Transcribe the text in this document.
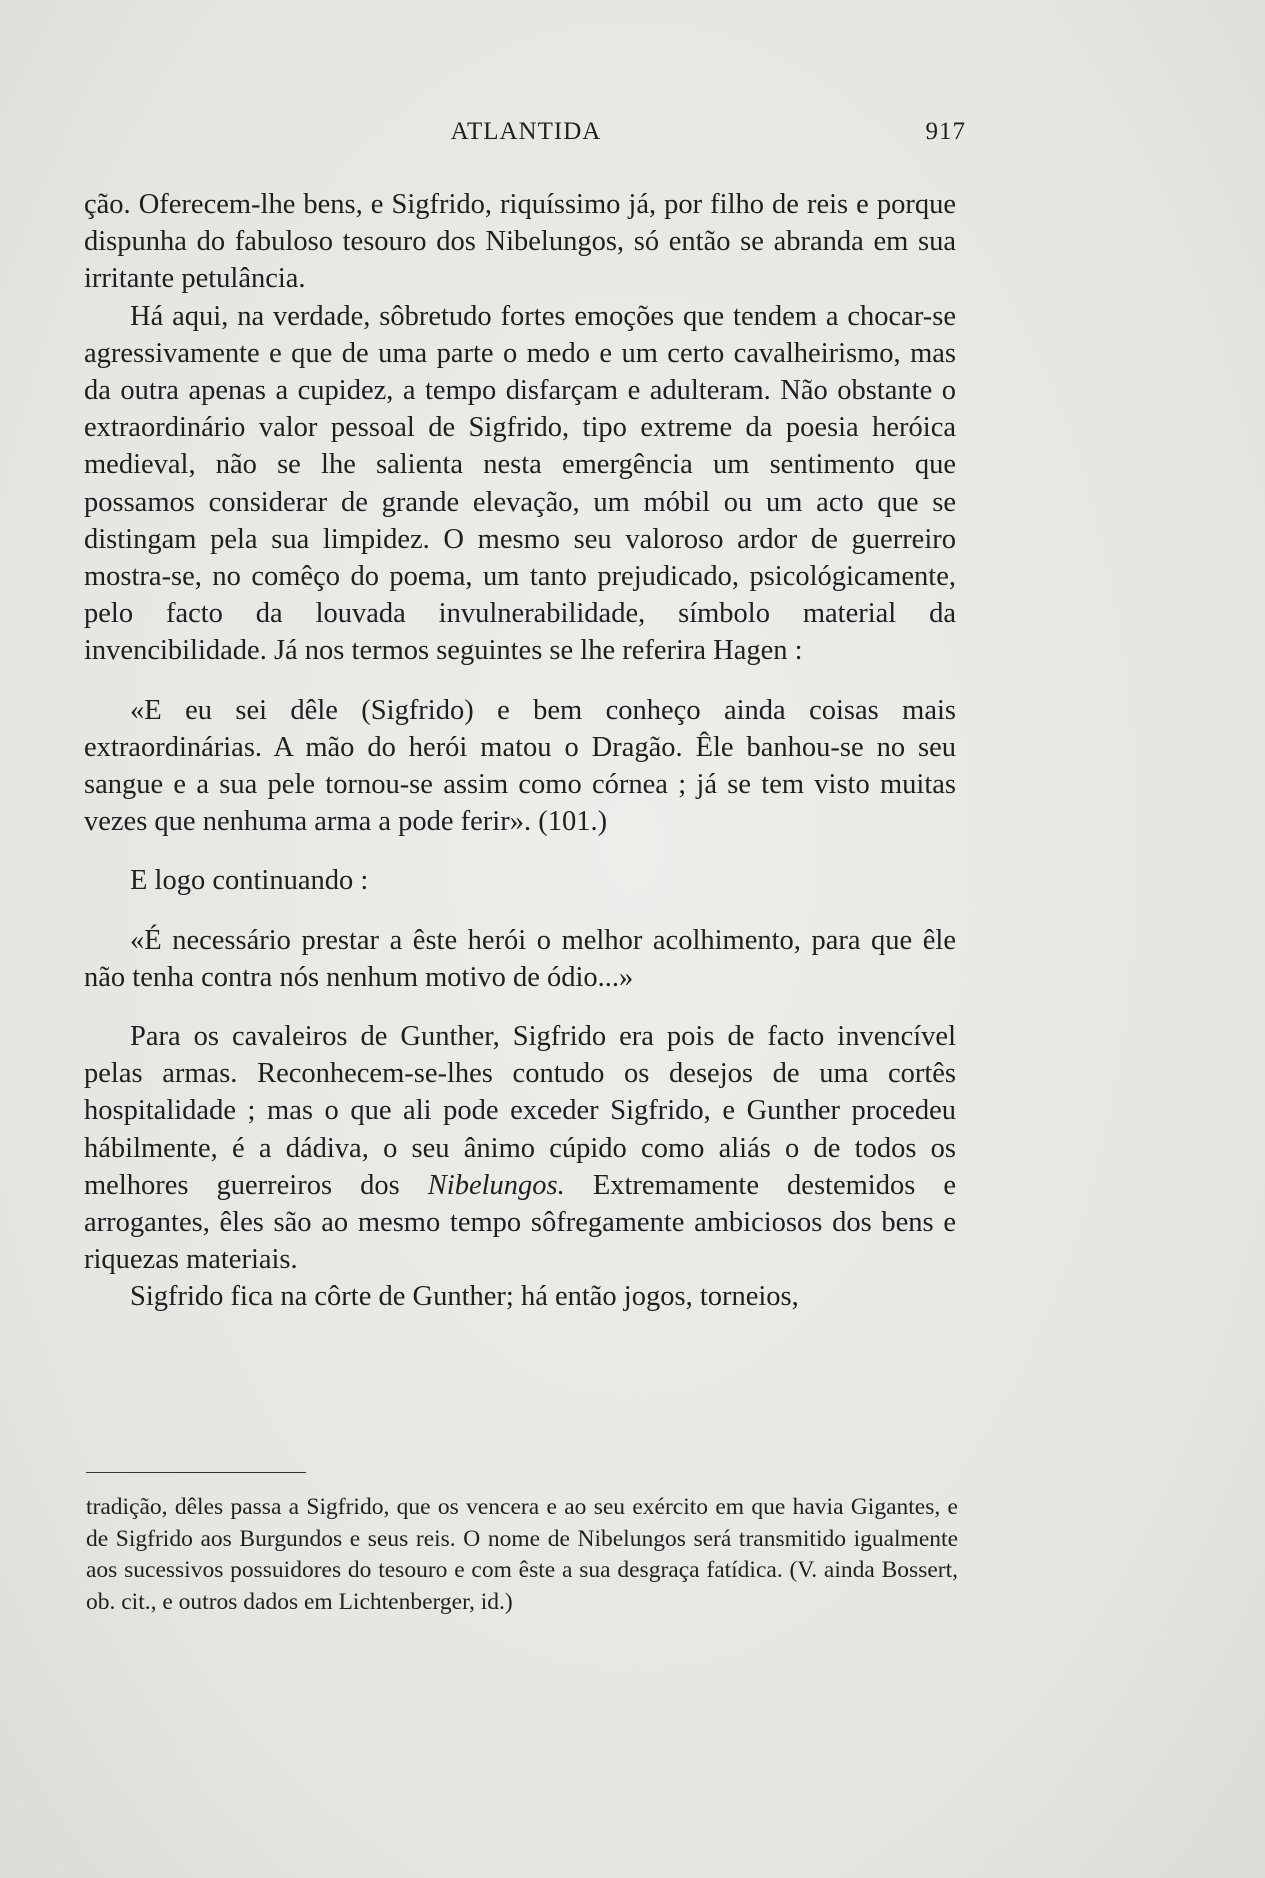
ATLANTIDA	917

ção. Oferecem-lhe bens, e Sigfrido, riquíssimo já, por filho de reis e porque dispunha do fabuloso tesouro dos Nibelungos, só então se abranda em sua irritante petulância.

Há aqui, na verdade, sôbretudo fortes emoções que tendem a chocar-se agressivamente e que de uma parte o medo e um certo cavalheirismo, mas da outra apenas a cupidez, a tempo disfarçam e adulteram. Não obstante o extraordinário valor pessoal de Sigfrido, tipo extreme da poesia heróica medieval, não se lhe salienta nesta emergência um sentimento que possamos considerar de grande elevação, um móbil ou um acto que se distingam pela sua limpidez. O mesmo seu valoroso ardor de guerreiro mostra-se, no comêço do poema, um tanto prejudicado, psicológicamente, pelo facto da louvada invulnerabilidade, símbolo material da invencibilidade. Já nos termos seguintes se lhe referira Hagen :

«E eu sei dêle (Sigfrido) e bem conheço ainda coisas mais extraordinárias. A mão do herói matou o Dragão. Êle banhou-se no seu sangue e a sua pele tornou-se assim como córnea ; já se tem visto muitas vezes que nenhuma arma a pode ferir». (101.)

E logo continuando :

«É necessário prestar a êste herói o melhor acolhimento, para que êle não tenha contra nós nenhum motivo de ódio...»

Para os cavaleiros de Gunther, Sigfrido era pois de facto invencível pelas armas. Reconhecem-se-lhes contudo os desejos de uma cortês hospitalidade ; mas o que ali pode exceder Sigfrido, e Gunther procedeu hábilmente, é a dádiva, o seu ânimo cúpido como aliás o de todos os melhores guerreiros dos Nibelungos. Extremamente destemidos e arrogantes, êles são ao mesmo tempo sôfregamente ambiciosos dos bens e riquezas materiais.

Sigfrido fica na côrte de Gunther; há então jogos, torneios,

tradição, dêles passa a Sigfrido, que os vencera e ao seu exército em que havia Gigantes, e de Sigfrido aos Burgundos e seus reis. O nome de Nibelungos será transmitido igualmente aos sucessivos possuidores do tesouro e com êste a sua desgraça fatídica. (V. ainda Bossert, ob. cit., e outros dados em Lichtenberger, id.)
